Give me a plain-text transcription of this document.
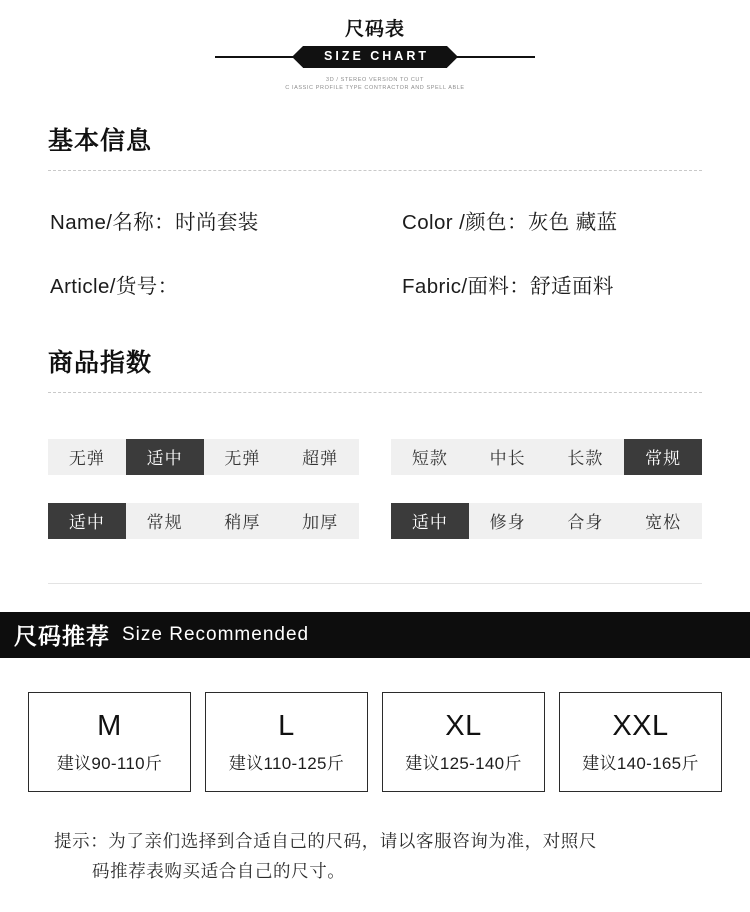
尺码表
SIZE CHART
3D / STEREO VERSION TO CUT
C IASSIC PROFILE TYPE CONTRACTOR AND SPELL ABLE
基本信息
Name/名称：时尚套装	Color /颜色：灰色 藏蓝
Article/货号：	Fabric/面料：舒适面料
商品指数
无弹	适中	无弹	超弹	短款	中长	长款	常规
适中	常规	稍厚	加厚	适中	修身	合身	宽松
尺码推荐 Size Recommended
M
建议90-110斤
L
建议110-125斤
XL
建议125-140斤
XXL
建议140-165斤
提示：为了亲们选择到合适自己的尺码，请以客服咨询为准，对照尺
码推荐表购买适合自己的尺寸。
